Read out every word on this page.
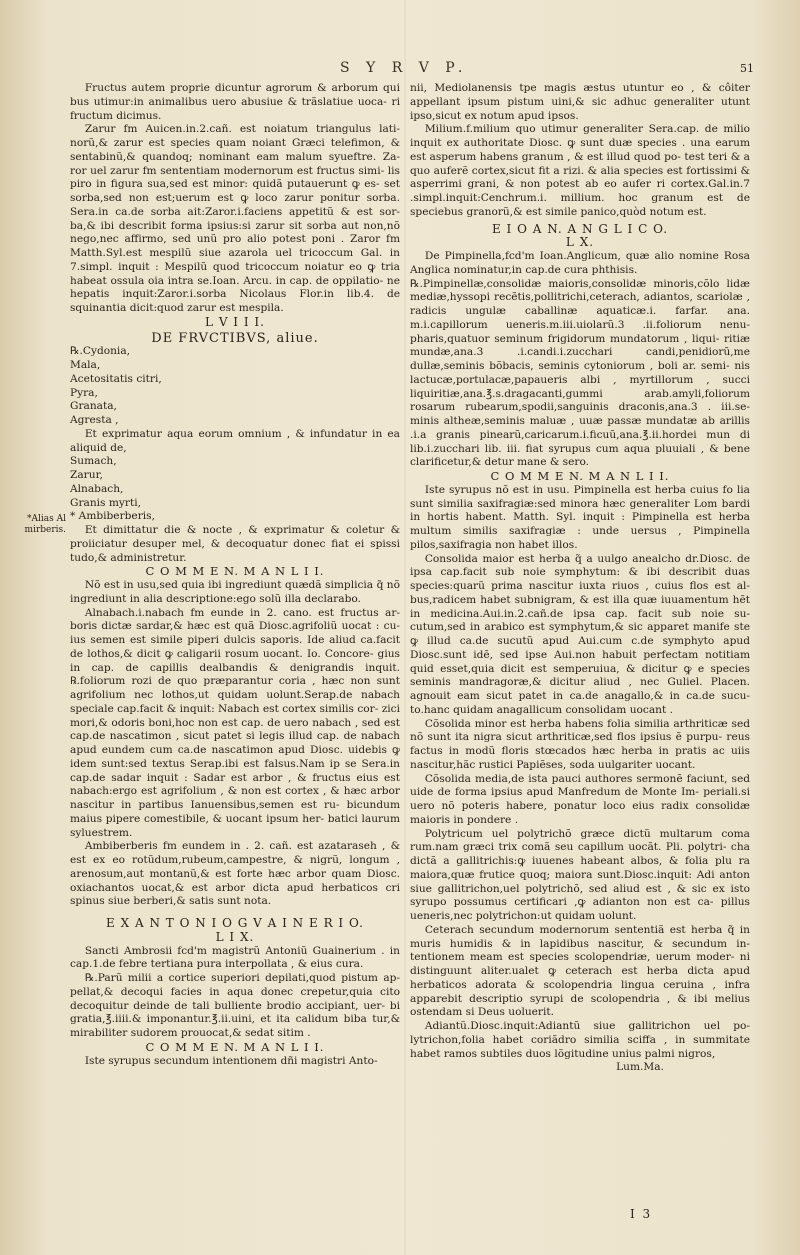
S Y R V P.	51
*Alias Al
mirberis.

Fructus autem proprie dicuntur agrorum & arborum qui bus utimur:in animalibus uero abusiue & trãslatiue uoca- ri fructum dicimus.

Zarur fm Auicen.in.2.cañ. est noiatum triangulus lati- norũ,& zarur est species quam noiant Græci telefimon, & sentabinũ,& quandoq; nominant eam malum syueftre. Za- ror uel zarur fm sententiam modernorum est fructus simi- lis piro in figura sua,sed est minor: quidã putauerunt ꝙ es- set sorba,sed non est;uerum est ꝙ loco zarur ponitur sorba. Sera.in ca.de sorba ait:Zaror.i.faciens appetitũ & est sor- ba,& ibi describit forma ipsius:si zarur sit sorba aut non,nõ nego,nec affirmo, sed unũ pro alio potest poni . Zaror fm Matth.Syl.est mespilũ siue azarola uel tricoccum Gal. in 7.simpl. inquit : Mespilũ quod tricoccum noiatur eo ꝙ tria habeat ossula oia intra se.Ioan. Arcu. in cap. de oppilatio- ne hepatis inquit:Zaror.i.sorba Nicolaus Flor.in lib.4. de squinantia dicit:quod zarur est mespila.

L V I I I.

DE FRVCTIBVS, aliue.

℞.Cydonia,

Mala,

Acetositatis citri,

Pyra,

Granata,

Agresta ,

Et exprimatur aqua eorum omnium , & infundatur in ea aliquid de,

Sumach,

Zarur,

Alnabach,

Granis myrti,

* Ambiberberis,

Et dimittatur die & nocte , & exprimatur & coletur & proiiciatur desuper mel, & decoquatur donec fiat ei spissi tudo,& administretur.

C O M M E N. M A N L I I.

Nõ est in usu,sed quia ibi ingrediunt quædã simplicia q̃ nõ ingrediunt in alia descriptione:ego solũ illa declarabo.

Alnabach.i.nabach fm eunde in 2. cano. est fructus ar- boris dictæ sardar,& hæc est quã Diosc.agrifoliũ uocat : cu- ius semen est simile piperi dulcis saporis. Ide aliud ca.facit de lothos,& dicit ꝙ caligarii rosum uocant. Io. Concore- gius in cap. de capillis dealbandis & denigrandis inquit. ℞.foliorum rozi de quo præparantur coria , hæc non sunt agrifolium nec lothos,ut quidam uolunt.Serap.de nabach speciale cap.facit & inquit: Nabach est cortex similis cor- zici mori,& odoris boni,hoc non est cap. de uero nabach , sed est cap.de nascatimon , sicut patet si legis illud cap. de nabach apud eundem cum ca.de nascatimon apud Diosc. uidebis ꝙ idem sunt:sed textus Serap.ibi est falsus.Nam ip se Sera.in cap.de sadar inquit : Sadar est arbor , & fructus eius est nabach:ergo est agrifolium , & non est cortex , & hæc arbor nascitur in partibus Ianuensibus,semen est ru- bicundum maius pipere comestibile, & uocant ipsum her- batici laurum syluestrem.

Ambiberberis fm eundem in . 2. cañ. est azataraseh , & est ex eo rotũdum,rubeum,campestre, & nigrũ, longum , arenosum,aut montanũ,& est forte hæc arbor quam Diosc. oxiachantos uocat,& est arbor dicta apud herbaticos cri spinus siue berberi,& satis sunt nota.

E X A N T O N I O G V A I N E R I O.

L I X.

Sancti Ambrosii fcd'm magistrũ Antoniũ Guainerium . in cap.1.de febre tertiana pura interpollata , & eius cura.

℞.Parũ milii a cortice superiori depilati,quod pistum ap- pellat,& decoqui facies in aqua donec crepetur,quia cito decoquitur deinde de tali bulliente brodio accipiant, uer- bi gratia,℥.iiii.& imponantur.℥.ii.uini, et ita calidum biba tur,& mirabiliter sudorem prouocat,& sedat sitim .

C O M M E N. M A N L I I.

Iste syrupus secundum intentionem dñi magistri Anto-

nii, Mediolanensis tpe magis æstus utuntur eo , & côiter appellant ipsum pistum uini,& sic adhuc generaliter utunt ipso,sicut ex notum apud ipsos.

Milium.f.milium quo utimur generaliter Sera.cap. de milio inquit ex authoritate Diosc. ꝙ sunt duæ species . una earum est asperum habens granum , & est illud quod po- test teri & a quo auferẽ cortex,sicut fit a rizi. & alia species est fortissimi & asperrimi grani, & non potest ab eo aufer ri cortex.Gal.in.7 .simpl.inquit:Cenchrum.i. millium. hoc granum est de speciebus granorũ,& est simile panico,quòd notum est.

E I O A N. A N G L I C O.

L X.

De Pimpinella,fcd'm Ioan.Anglicum, quæ alio nomine Rosa Anglica nominatur,in cap.de cura phthisis.

℞.Pimpinellæ,consolidæ maioris,consolidæ minoris,cõlo lidæ mediæ,hyssopi recẽtis,pollitrichi,ceterach, adiantos, scariolæ , radicis ungulæ caballinæ aquaticæ.i. farfar. ana. m.i.capillorum ueneris.m.iii.uiolarũ.3 .ii.foliorum nenu- pharis,quatuor seminum frigidorum mundatorum , liqui- ritiæ mundæ,ana.3 .i.candi.i.zucchari candi,penidiorũ,me dullæ,seminis bõbacis, seminis cytoniorum , boli ar. semi- nis lactucæ,portulacæ,papaueris albi , myrtillorum , succi liquiritiæ,ana.℥.s.dragacanti,gummi arab.amyli,foliorum rosarum rubearum,spodii,sanguinis draconis,ana.3 . iii.se- minis altheæ,seminis maluæ , uuæ passæ mundatæ ab arillis .i.a granis pinearũ,caricarum.i.ficuũ,ana.℥.ii.hordei mun di lib.i.zucchari lib. iii. fiat syrupus cum aqua pluuiali , & bene clarificetur,& detur mane & sero.

C O M M E N. M A N L I I.

Iste syrupus nõ est in usu. Pimpinella est herba cuius fo lia sunt similia saxifragiæ:sed minora hæc generaliter Lom bardi in hortis habent. Matth. Syl. inquit : Pimpinella est herba multum similis saxifragiæ : unde uersus , Pimpinella pilos,saxifragia non habet illos.

Consolida maior est herba q̃ a uulgo anealcho dr.Diosc. de ipsa cap.facit sub noie symphytum: & ibi describit duas species:quarũ prima nascitur iuxta riuos , cuius flos est al- bus,radicem habet subnigram, & est illa quæ iuuamentum hẽt in medicina.Aui.in.2.cañ.de ipsa cap. facit sub noie su- cutum,sed in arabico est symphytum,& sic apparet manife ste ꝙ illud ca.de sucutũ apud Aui.cum c.de symphyto apud Diosc.sunt idẽ, sed ipse Aui.non habuit perfectam notitiam quid esset,quia dicit est semperuiua, & dicitur ꝙ e species seminis mandragoræ,& dicitur aliud , nec Guliel. Placen. agnouit eam sicut patet in ca.de anagallo,& in ca.de sucu- to.hanc quidam anagallicum consolidam uocant .

Cõsolida minor est herba habens folia similia arthriticæ sed nõ sunt ita nigra sicut arthriticæ,sed flos ipsius ẽ purpu- reus factus in modũ floris stœcados hæc herba in pratis ac uiis nascitur,hãc rustici Papiẽses, soda uulgariter uocant.

Cõsolida media,de ista pauci authores sermonẽ faciunt, sed uide de forma ipsius apud Manfredum de Monte Im- periali.si uero nõ poteris habere, ponatur loco eius radix consolidæ maioris in pondere .

Polytricum uel polytrichõ græce dictũ multarum coma rum.nam græci trix comã seu capillum uocãt. Pli. polytri- cha dictã a gallitrichis:ꝙ iuuenes habeant albos, & folia plu ra maiora,quæ frutice quoq; maiora sunt.Diosc.inquit: Adi anton siue gallitrichon,uel polytrichõ, sed aliud est , & sic ex isto syrupo possumus certificari ,ꝙ adianton non est ca- pillus ueneris,nec polytrichon:ut quidam uolunt.

Ceterach secundum modernorum sententiã est herba q̃ in muris humidis & in lapidibus nascitur, & secundum in- tentionem meam est species scolopendriæ, uerum moder- ni distinguunt aliter.ualet ꝙ ceterach est herba dicta apud herbaticos adorata & scolopendria lingua ceruina , infra apparebit descriptio syrupi de scolopendria , & ibi melius ostendam si Deus uoluerit.

Adiantũ.Diosc.inquit:Adiantũ siue gallitrichon uel po- lytrichon,folia habet coriãdro similia sciffa , in summitate habet ramos subtiles duos lõgitudine unius palmi nigros,

Lum.Ma.

I 3
